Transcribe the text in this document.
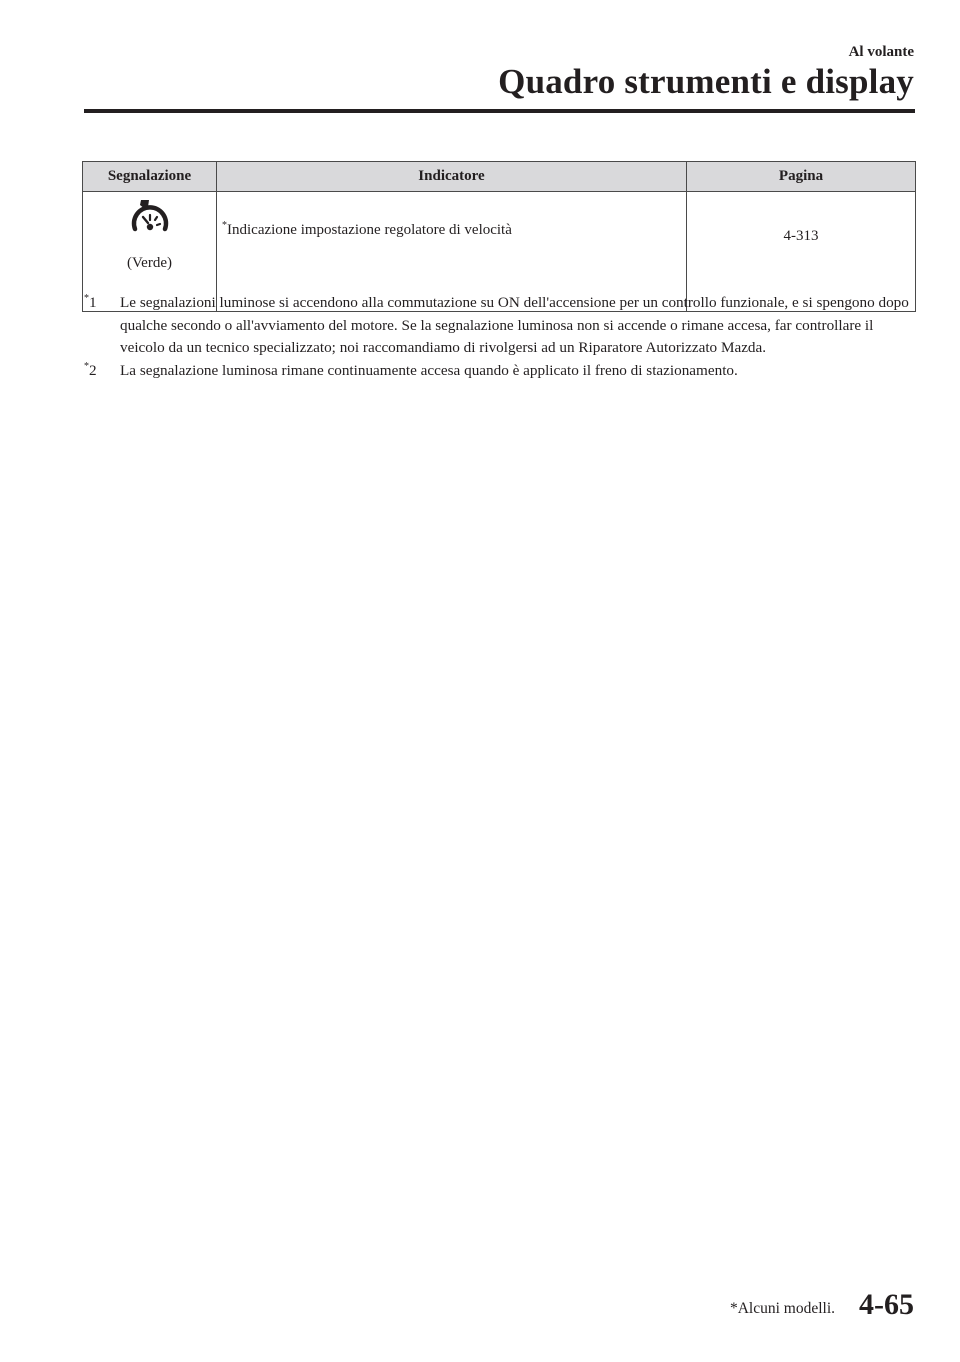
Al volante
Quadro strumenti e display
Segnalazione	Indicatore	Pagina

(Verde)	*Indicazione impostazione regolatore di velocità	4-313
*1	Le segnalazioni luminose si accendono alla commutazione su ON dell'accensione per un controllo funzionale, e si spengono dopo qualche secondo o all'avviamento del motore. Se la segnalazione luminosa non si accende o rimane accesa, far controllare il veicolo da un tecnico specializzato; noi raccomandiamo di rivolgersi ad un Riparatore Autorizzato Mazda.
*2	La segnalazione luminosa rimane continuamente accesa quando è applicato il freno di stazionamento.
*Alcuni modelli. 4-65
